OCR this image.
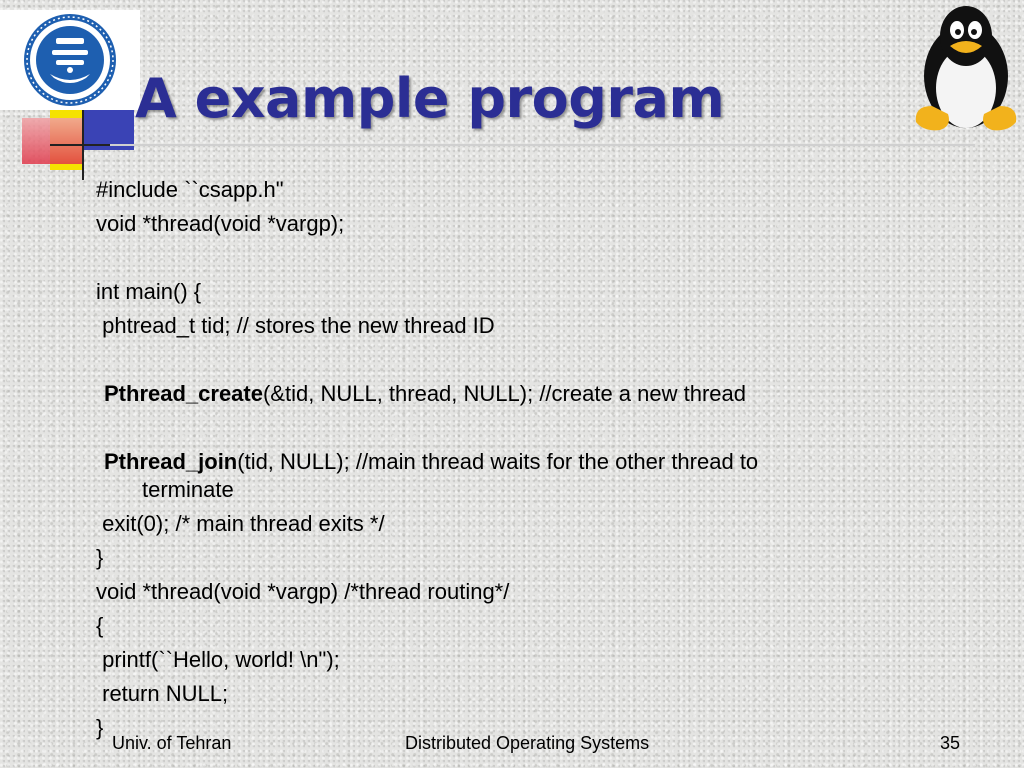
A example program
#include ``csapp.h"
void *thread(void *vargp);
int main() {
phtread_t tid; // stores the new thread ID
Pthread_create(&tid, NULL, thread, NULL); //create a new thread
Pthread_join(tid, NULL); //main thread waits for the other thread to
terminate
exit(0); /* main thread exits */
}
void *thread(void *vargp) /*thread routing*/
{
printf(``Hello, world! \n");
return NULL;
}
Univ. of Tehran	Distributed Operating Systems	35
